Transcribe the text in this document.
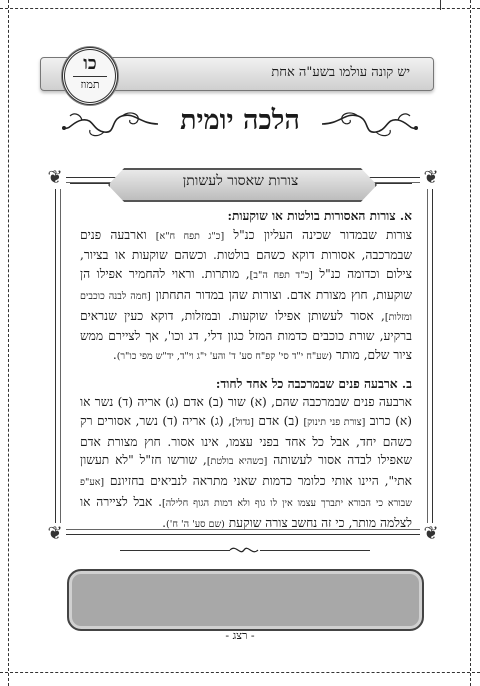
יש קונה עולמו בשע"ה אחת
כו
תמוז
הלכה יומית
❦	❦
❦	❦
צורות שאסור לעשותן

א. צורות האסורות בולטות או שוקעות:
צורות שבמדור שכינה העליון כנ"ל [כ"ג תפח ח"א] וארבעה פנים שבמרכבה, אסורות דוקא כשהם בולטות. וכשהם שוקעות או בציור, צילום וכדומה כנ"ל [כ"ד תפח ה"ב], מותרות. וראוי להחמיר אפילו הן שוקעות, חוץ מצורת אדם. וצורות שהן במדור התחתון [חמה לבנה כוכבים ומזלות], אסור לעשותן אפילו שוקעות. ובמזלות, דוקא כעין שנראים ברקיע, שורת כוכבים כדמות המזל כגון דלי, דג וכו', אך לציירם ממש ציור שלם, מותר (שע"ח י"ד סי' קפ"ח סע' ד' והע' י"ג וי"ד, יד"ש מפי כו"ר).

ב. ארבעה פנים שבמרכבה כל אחד לחוד:
ארבעה פנים שבמרכבה שהם, (א) שור (ב) אדם (ג) אריה (ד) נשר או (א) כרוב [צורת פני תינוק] (ב) אדם [גדול], (ג) אריה (ד) נשר, אסורים רק כשהם יחד, אבל כל אחד בפני עצמו, אינו אסור. חוץ מצורת אדם שאפילו לבדה אסור לעשותה [כשהיא בולטת], שורשו חז"ל "לא תעשון אתי", היינו אותי כלומר כדמות שאני מתראה לנביאים בחזיונם [אע"פ שבורא כי הבורא יתברך עצמו אין לו גוף ולא דמות הגוף חלילה]. אבל לציירה או לצלמה מותר, כי זה נחשב צורה שוקעת (שם סע' ה' ח').

- רצג -
